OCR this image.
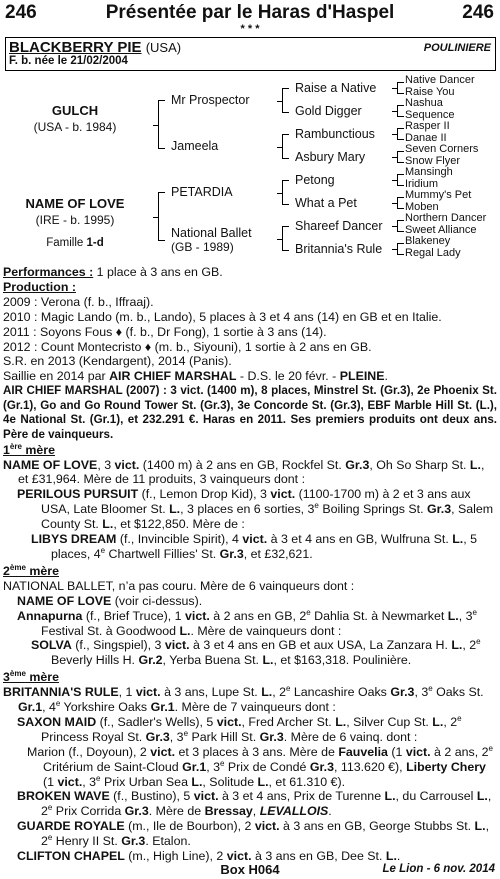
246	Présentée par le Haras d'Haspel	246
* * *
BLACKBERRY PIE (USA)	POULINIERE
F. b. née le 21/02/2004
GULCH
(USA - b. 1984)
NAME OF LOVE
(IRE - b. 1995)
Famille 1-d
Mr Prospector
Jameela
PETARDIA
National Ballet
(GB - 1989)
Raise a Native
Gold Digger
Rambunctious
Asbury Mary
Petong
What a Pet
Shareef Dancer
Britannia's Rule
Native Dancer
Raise You
Nashua
Sequence
Rasper II
Danae II
Seven Corners
Snow Flyer
Mansingh
Iridium
Mummy's Pet
Moben
Northern Dancer
Sweet Alliance
Blakeney
Regal Lady
Performances : 1 place à 3 ans en GB.
Production :
2009 : Verona (f. b., Iffraaj).
2010 : Magic Lando (m. b., Lando), 5 places à 3 et 4 ans (14) en GB et en Italie.
2011 : Soyons Fous ♦ (f. b., Dr Fong), 1 sortie à 3 ans (14).
2012 : Count Montecristo ♦ (m. b., Siyouni), 1 sortie à 2 ans en GB.
S.R. en 2013 (Kendargent), 2014 (Panis).
Saillie en 2014 par AIR CHIEF MARSHAL - D.S. le 20 févr. - PLEINE.
AIR CHIEF MARSHAL (2007) : 3 vict. (1400 m), 8 places, Minstrel St. (Gr.3), 2e Phoenix St. (Gr.1), Go and Go Round Tower St. (Gr.3), 3e Concorde St. (Gr.3), EBF Marble Hill St. (L.), 4e National St. (Gr.1), et 232.291 €. Haras en 2011. Ses premiers produits ont deux ans. Père de vainqueurs.
1ère mère
NAME OF LOVE, 3 vict. (1400 m) à 2 ans en GB, Rockfel St. Gr.3, Oh So Sharp St. L., et £31,964. Mère de 11 produits, 3 vainqueurs dont :
PERILOUS PURSUIT (f., Lemon Drop Kid), 3 vict. (1100-1700 m) à 2 et 3 ans aux USA, Late Bloomer St. L., 3 places en 6 sorties, 3e Boiling Springs St. Gr.3, Salem County St. L., et $122,850. Mère de :
LIBYS DREAM (f., Invincible Spirit), 4 vict. à 3 et 4 ans en GB, Wulfruna St. L., 5 places, 4e Chartwell Fillies' St. Gr.3, et £32,621.
2ème mère
NATIONAL BALLET, n’a pas couru. Mère de 6 vainqueurs dont :
NAME OF LOVE (voir ci-dessus).
Annapurna (f., Brief Truce), 1 vict. à 2 ans en GB, 2e Dahlia St. à Newmarket L., 3e Festival St. à Goodwood L.. Mère de vainqueurs dont :
SOLVA (f., Singspiel), 3 vict. à 3 et 4 ans en GB et aux USA, La Zanzara H. L., 2e Beverly Hills H. Gr.2, Yerba Buena St. L., et $163,318. Poulinière.
3ème mère
BRITANNIA'S RULE, 1 vict. à 3 ans, Lupe St. L., 2e Lancashire Oaks Gr.3, 3e Oaks St. Gr.1, 4e Yorkshire Oaks Gr.1. Mère de 7 vainqueurs dont :
SAXON MAID (f., Sadler's Wells), 5 vict., Fred Archer St. L., Silver Cup St. L., 2e Princess Royal St. Gr.3, 3e Park Hill St. Gr.3. Mère de 6 vainq. dont :
Marion (f., Doyoun), 2 vict. et 3 places à 3 ans. Mère de Fauvelia (1 vict. à 2 ans, 2e Critérium de Saint-Cloud Gr.1, 3e Prix de Condé Gr.3, 113.620 €), Liberty Chery (1 vict., 3e Prix Urban Sea L., Solitude L., et 61.310 €).
BROKEN WAVE (f., Bustino), 5 vict. à 3 et 4 ans, Prix de Turenne L., du Carrousel L., 2e Prix Corrida Gr.3. Mère de Bressay, LEVALLOIS.
GUARDE ROYALE (m., Ile de Bourbon), 2 vict. à 3 ans en GB, George Stubbs St. L., 2e Henry II St. Gr.3. Etalon.
CLIFTON CHAPEL (m., High Line), 2 vict. à 3 ans en GB, Dee St. L..
Box H064	Le Lion - 6 nov. 2014
